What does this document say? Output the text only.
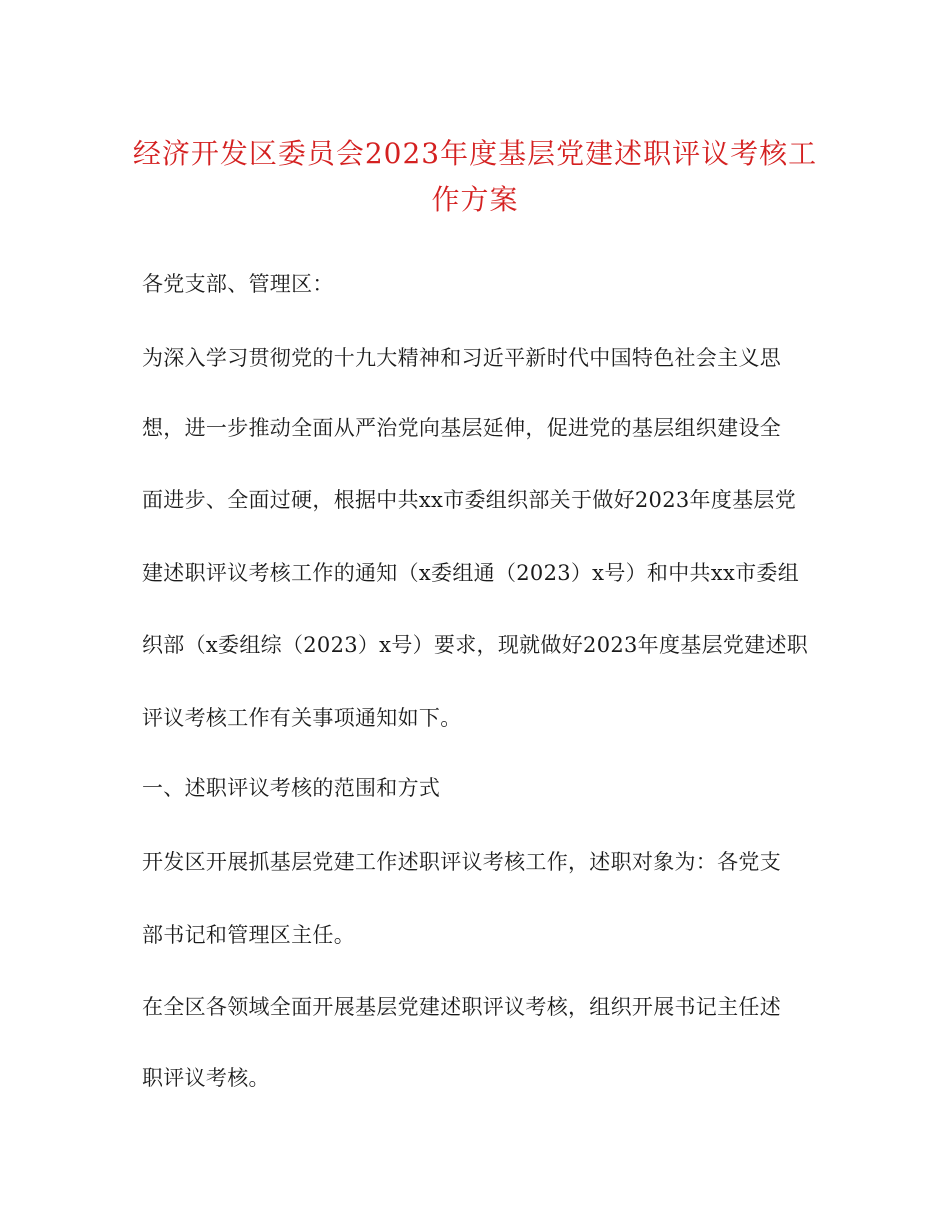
经济开发区委员会2023年度基层党建述职评议考核工
作方案

各党支部、管理区：

为深入学习贯彻党的十九大精神和习近平新时代中国特色社会主义思

想，进一步推动全面从严治党向基层延伸，促进党的基层组织建设全

面进步、全面过硬，根据中共xx市委组织部关于做好2023年度基层党

建述职评议考核工作的通知（x委组通（2023）x号）和中共xx市委组

织部（x委组综（2023）x号）要求，现就做好2023年度基层党建述职

评议考核工作有关事项通知如下。

一、述职评议考核的范围和方式

开发区开展抓基层党建工作述职评议考核工作，述职对象为：各党支

部书记和管理区主任。

在全区各领域全面开展基层党建述职评议考核，组织开展书记主任述

职评议考核。
